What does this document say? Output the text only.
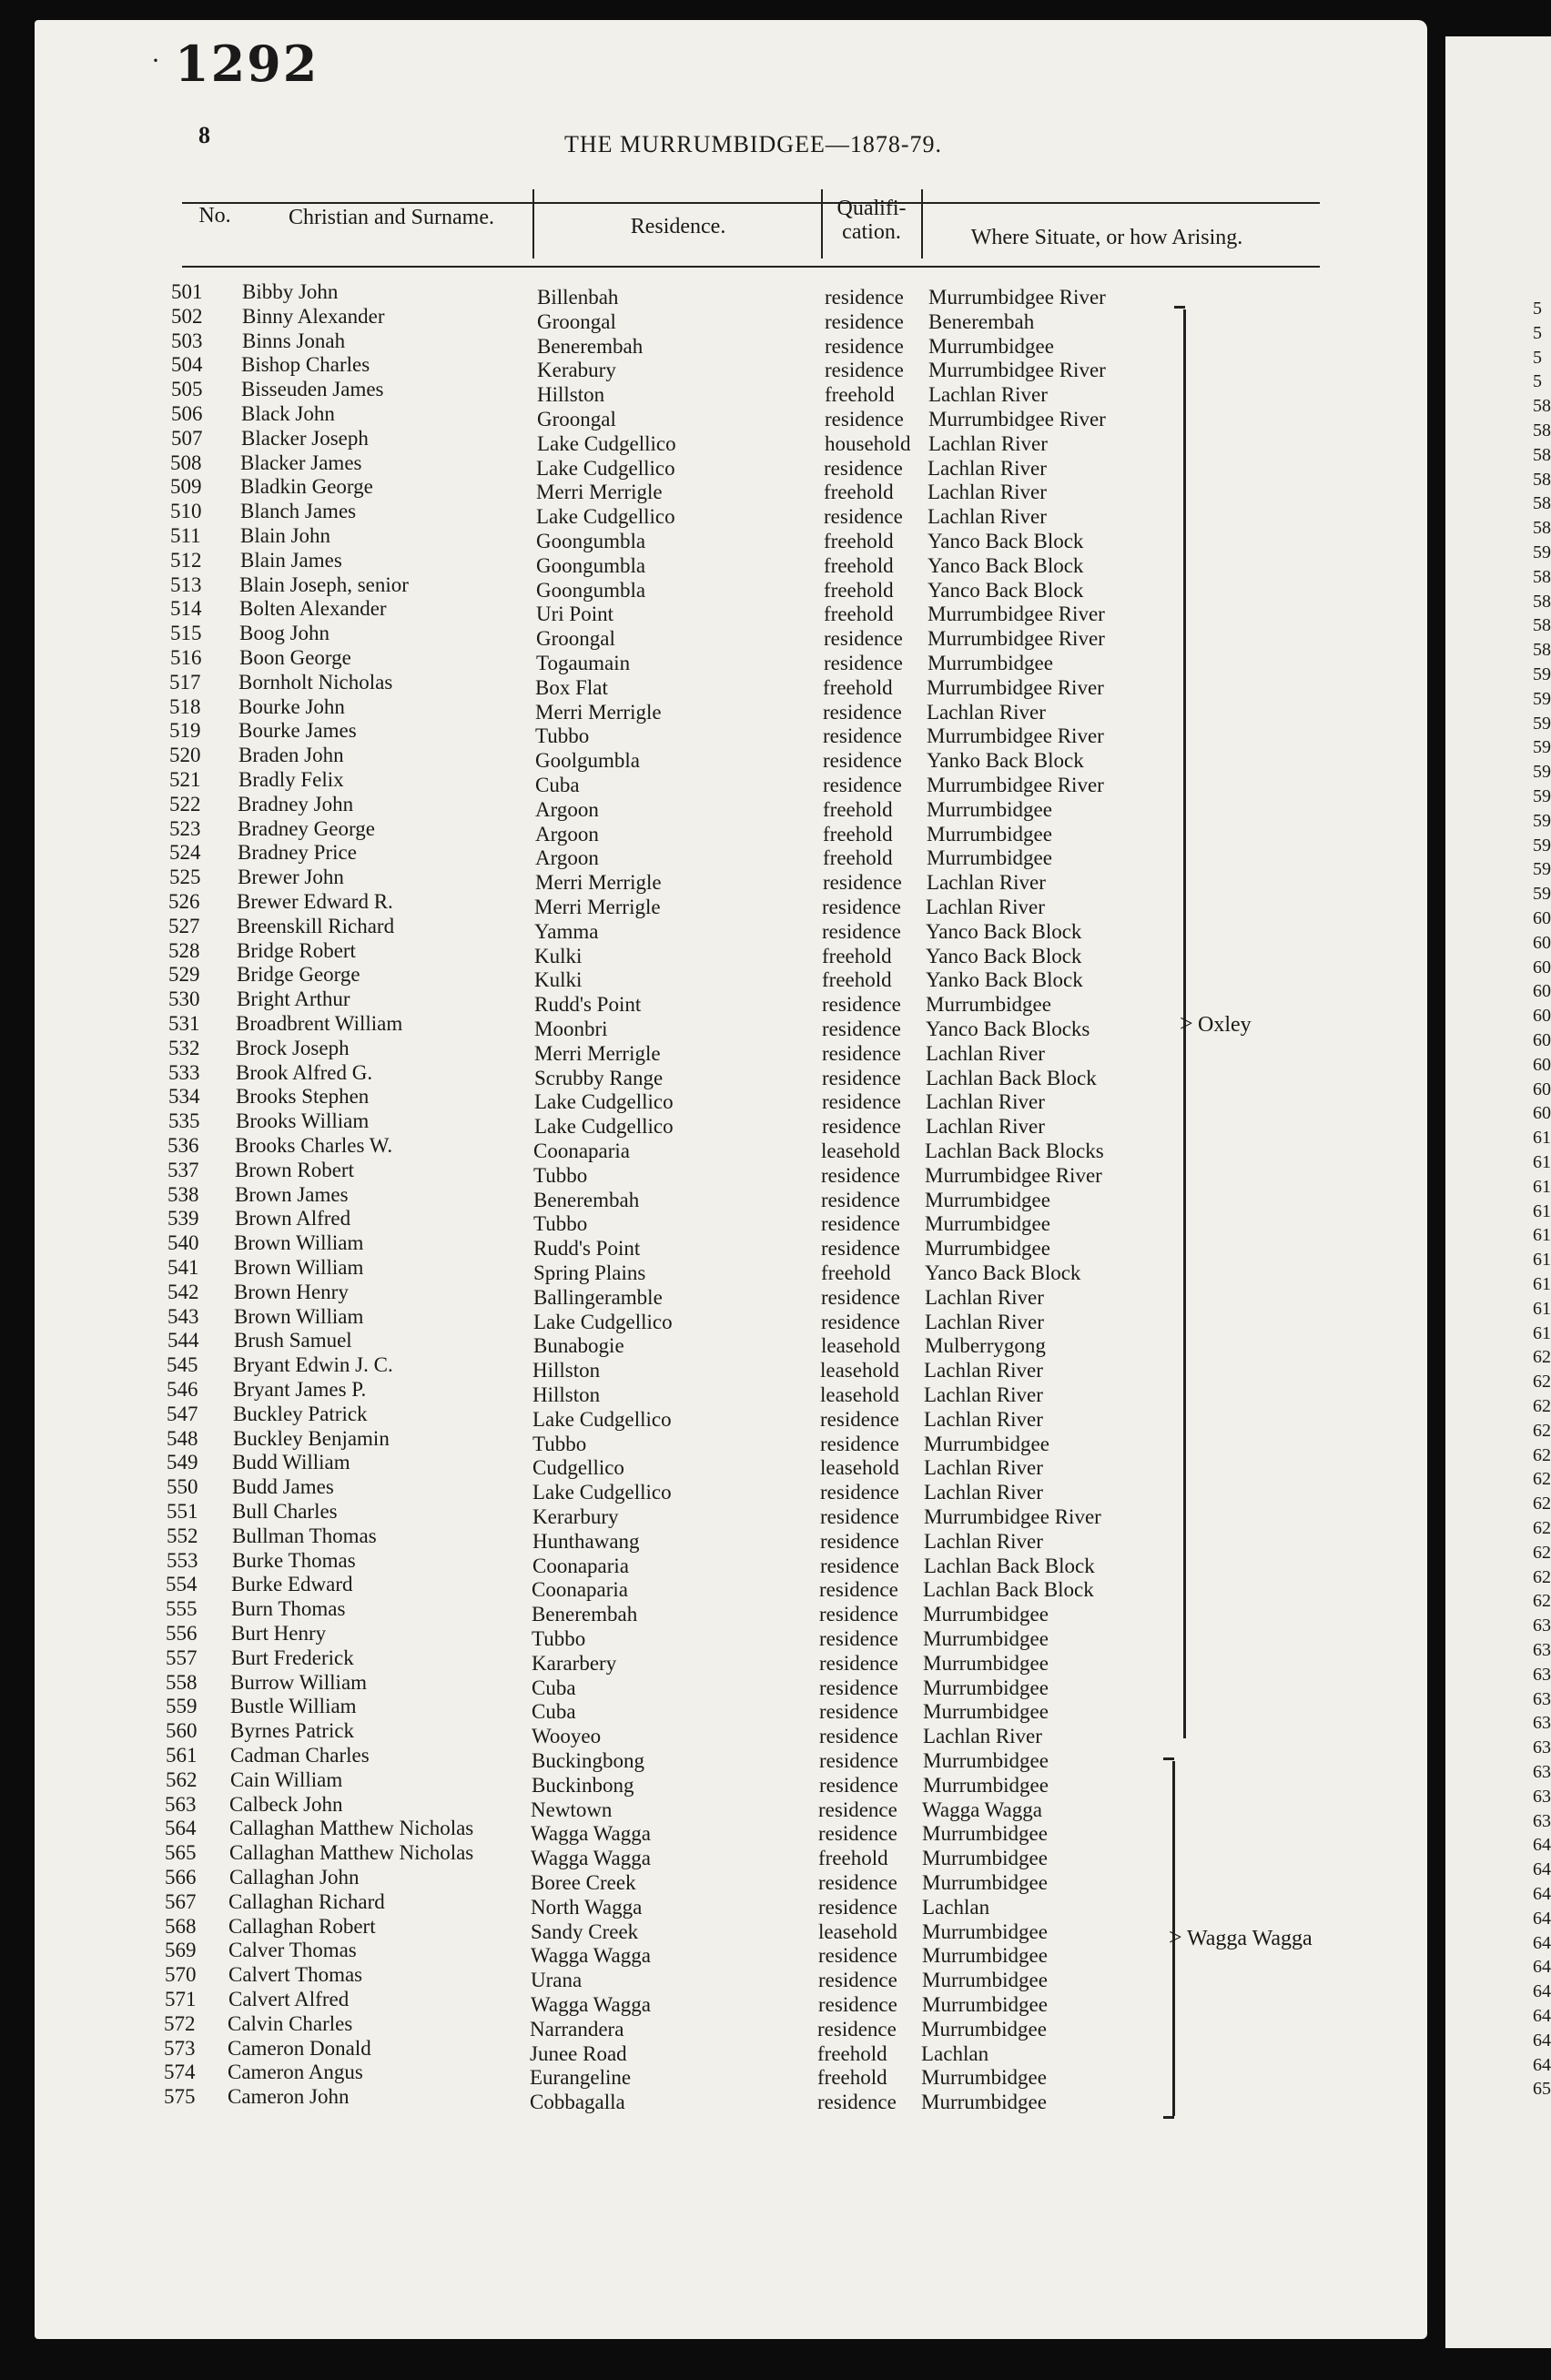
5
5
5
5
58
58
58
58
58
58
59
58
58
58
58
59
59
59
59
59
59
59
59
59
59
60
60
60
60
60
60
60
60
60
61
61
61
61
61
61
61
61
61
62
62
62
62
62
62
62
62
62
62
62
63
63
63
63
63
63
63
63
63
64
64
64
64
64
64
64
64
64
64
65
· 1292
8	THE MURRUMBIDGEE—1878-79.
No.	Christian and Surname.	Residence.
Qualifi-
cation.	Where Situate, or how Arising.
501 Bibby John	Billenbah	residence Murrumbidgee River
502 Binny Alexander	Groongal	residence Benerembah
503 Binns Jonah	Benerembah	residence Murrumbidgee
504 Bishop Charles	Kerabury	residence Murrumbidgee River
505 Bisseuden James	Hillston	freehold Lachlan River
506 Black John	Groongal	residence Murrumbidgee River
507 Blacker Joseph	Lake Cudgellico	household Lachlan River
508 Blacker James	Lake Cudgellico	residence Lachlan River
509 Bladkin George	Merri Merrigle	freehold Lachlan River
510 Blanch James	Lake Cudgellico	residence Lachlan River
511 Blain John	Goongumbla	freehold Yanco Back Block
512 Blain James	Goongumbla	freehold Yanco Back Block
513 Blain Joseph, senior	Goongumbla	freehold Yanco Back Block
514 Bolten Alexander	Uri Point	freehold Murrumbidgee River
515 Boog John	Groongal	residence Murrumbidgee River
516 Boon George	Togaumain	residence Murrumbidgee
517 Bornholt Nicholas	Box Flat	freehold Murrumbidgee River
518 Bourke John	Merri Merrigle	residence Lachlan River
519 Bourke James	Tubbo	residence Murrumbidgee River
520 Braden John	Goolgumbla	residence Yanko Back Block
521 Bradly Felix	Cuba	residence Murrumbidgee River
522 Bradney John	Argoon	freehold Murrumbidgee
523 Bradney George	Argoon	freehold Murrumbidgee
524 Bradney Price	Argoon	freehold Murrumbidgee
525 Brewer John	Merri Merrigle	residence Lachlan River
526 Brewer Edward R.	Merri Merrigle	residence Lachlan River
527 Breenskill Richard	Yamma	residence Yanco Back Block
528 Bridge Robert	Kulki	freehold Yanco Back Block
529 Bridge George	Kulki	freehold Yanko Back Block
530 Bright Arthur	Rudd's Point	residence Murrumbidgee
531 Broadbrent William	Moonbri	residence Yanco Back Blocks
532 Brock Joseph	Merri Merrigle	residence Lachlan River
533 Brook Alfred G.	Scrubby Range	residence Lachlan Back Block
534 Brooks Stephen	Lake Cudgellico	residence Lachlan River
535 Brooks William	Lake Cudgellico	residence Lachlan River
536 Brooks Charles W.	Coonaparia	leasehold Lachlan Back Blocks
537 Brown Robert	Tubbo	residence Murrumbidgee River
538 Brown James	Benerembah	residence Murrumbidgee
539 Brown Alfred	Tubbo	residence Murrumbidgee
540 Brown William	Rudd's Point	residence Murrumbidgee
541 Brown William	Spring Plains	freehold Yanco Back Block
542 Brown Henry	Ballingeramble	residence Lachlan River
543 Brown William	Lake Cudgellico	residence Lachlan River
544 Brush Samuel	Bunabogie	leasehold Mulberrygong
545 Bryant Edwin J. C.	Hillston	leasehold Lachlan River
546 Bryant James P.	Hillston	leasehold Lachlan River
547 Buckley Patrick	Lake Cudgellico	residence Lachlan River
548 Buckley Benjamin	Tubbo	residence Murrumbidgee
549 Budd William	Cudgellico	leasehold Lachlan River
550 Budd James	Lake Cudgellico	residence Lachlan River
551 Bull Charles	Kerarbury	residence Murrumbidgee River
552 Bullman Thomas	Hunthawang	residence Lachlan River
553 Burke Thomas	Coonaparia	residence Lachlan Back Block
554 Burke Edward	Coonaparia	residence Lachlan Back Block
555 Burn Thomas	Benerembah	residence Murrumbidgee
556 Burt Henry	Tubbo	residence Murrumbidgee
557 Burt Frederick	Kararbery	residence Murrumbidgee
558 Burrow William	Cuba	residence Murrumbidgee
559 Bustle William	Cuba	residence Murrumbidgee
560 Byrnes Patrick	Wooyeo	residence Lachlan River
561 Cadman Charles	Buckingbong	residence Murrumbidgee
562 Cain William	Buckinbong	residence Murrumbidgee
563 Calbeck John	Newtown	residence Wagga Wagga
564 Callaghan Matthew Nicholas	Wagga Wagga	residence Murrumbidgee
565 Callaghan Matthew Nicholas	Wagga Wagga	freehold Murrumbidgee
566 Callaghan John	Boree Creek	residence Murrumbidgee
567 Callaghan Richard	North Wagga	residence Lachlan
568 Callaghan Robert	Sandy Creek	leasehold Murrumbidgee
569 Calver Thomas	Wagga Wagga	residence Murrumbidgee
570 Calvert Thomas	Urana	residence Murrumbidgee
571 Calvert Alfred	Wagga Wagga	residence Murrumbidgee
572 Calvin Charles	Narrandera	residence Murrumbidgee
573 Cameron Donald	Junee Road	freehold Lachlan
574 Cameron Angus	Eurangeline	freehold Murrumbidgee
575 Cameron John	Cobbagalla	residence Murrumbidgee
> Oxley
> Wagga Wagga
